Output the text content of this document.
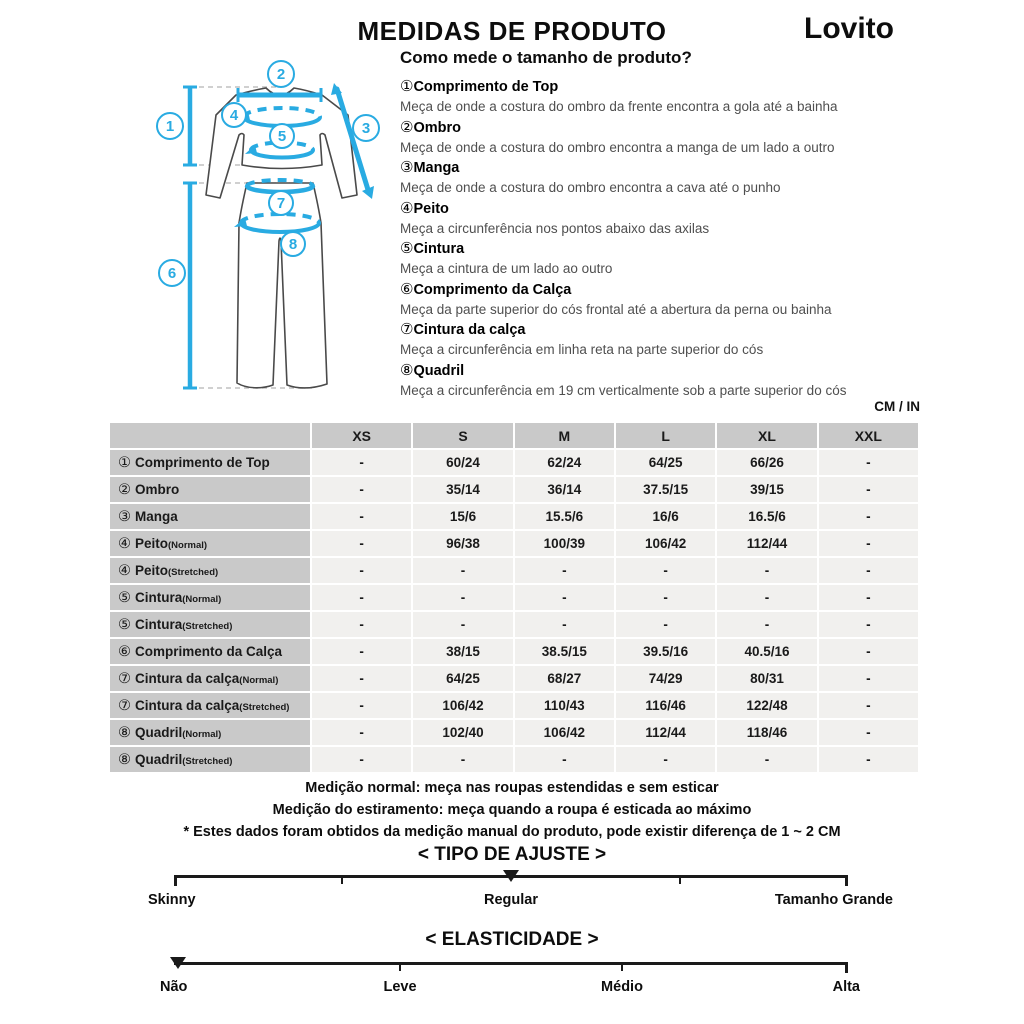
MEDIDAS DE PRODUTO	Lovito
Como mede o tamanho de produto?
CM / IN
1
2
3
4
5
6
7
8
①Comprimento de Top
Meça de onde a costura do ombro da frente encontra a gola até a bainha
②Ombro
Meça de onde a costura do ombro encontra a manga de um lado a outro
③Manga
Meça de onde a costura do ombro encontra a cava até o punho
④Peito
Meça a circunferência nos pontos abaixo das axilas
⑤Cintura
Meça a cintura de um lado ao outro
⑥Comprimento da Calça
Meça da parte superior do cós frontal até a abertura da perna ou bainha
⑦Cintura da calça
Meça a circunferência em linha reta na parte superior do cós
⑧Quadril
Meça a circunferência em 19 cm verticalmente sob a parte superior do cós
	XS	S	M	L	XL	XXL
① Comprimento de Top	-	60/24	62/24	64/25	66/26	-
② Ombro	-	35/14	36/14	37.5/15	39/15	-
③ Manga	-	15/6	15.5/6	16/6	16.5/6	-
④ Peito(Normal)	-	96/38	100/39	106/42	112/44	-
④ Peito(Stretched)	-	-	-	-	-	-
⑤ Cintura(Normal)	-	-	-	-	-	-
⑤ Cintura(Stretched)	-	-	-	-	-	-
⑥ Comprimento da Calça	-	38/15	38.5/15	39.5/16	40.5/16	-
⑦ Cintura da calça(Normal)	-	64/25	68/27	74/29	80/31	-
⑦ Cintura da calça(Stretched)	-	106/42	110/43	116/46	122/48	-
⑧ Quadril(Normal)	-	102/40	106/42	112/44	118/46	-
⑧ Quadril(Stretched)	-	-	-	-	-	-
Medição normal: meça nas roupas estendidas e sem esticar
Medição do estiramento: meça quando a roupa é esticada ao máximo
* Estes dados foram obtidos da medição manual do produto, pode existir diferença de 1 ~ 2 CM
< TIPO DE AJUSTE >
Skinny	Regular	Tamanho Grande
< ELASTICIDADE >
Não	Leve	Médio	Alta
